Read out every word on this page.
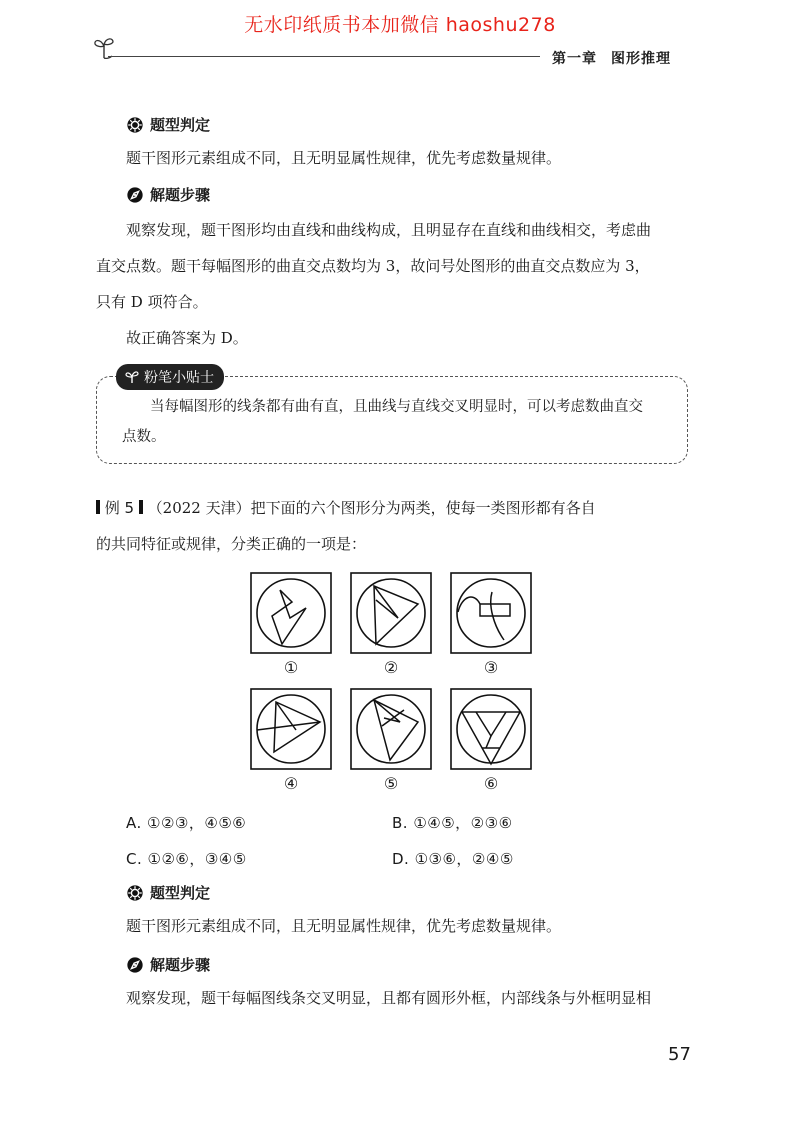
无水印纸质书本加微信 haoshu278
第一章 图形推理
题型判定
题干图形元素组成不同，且无明显属性规律，优先考虑数量规律。
解题步骤
观察发现，题干图形均由直线和曲线构成，且明显存在直线和曲线相交，考虑曲
直交点数。题干每幅图形的曲直交点数均为 3，故问号处图形的曲直交点数应为 3，
只有 D 项符合。
故正确答案为 D。
粉笔小贴士
当每幅图形的线条都有曲有直，且曲线与直线交叉明显时，可以考虑数曲直交
点数。
例 5 （2022 天津）把下面的六个图形分为两类，使每一类图形都有各自
的共同特征或规律，分类正确的一项是：
①	②	③
④	⑤	⑥
A. ①②③，④⑤⑥	B. ①④⑤，②③⑥
C. ①②⑥，③④⑤	D. ①③⑥，②④⑤
题型判定
题干图形元素组成不同，且无明显属性规律，优先考虑数量规律。
解题步骤
观察发现，题干每幅图线条交叉明显，且都有圆形外框，内部线条与外框明显相
57
